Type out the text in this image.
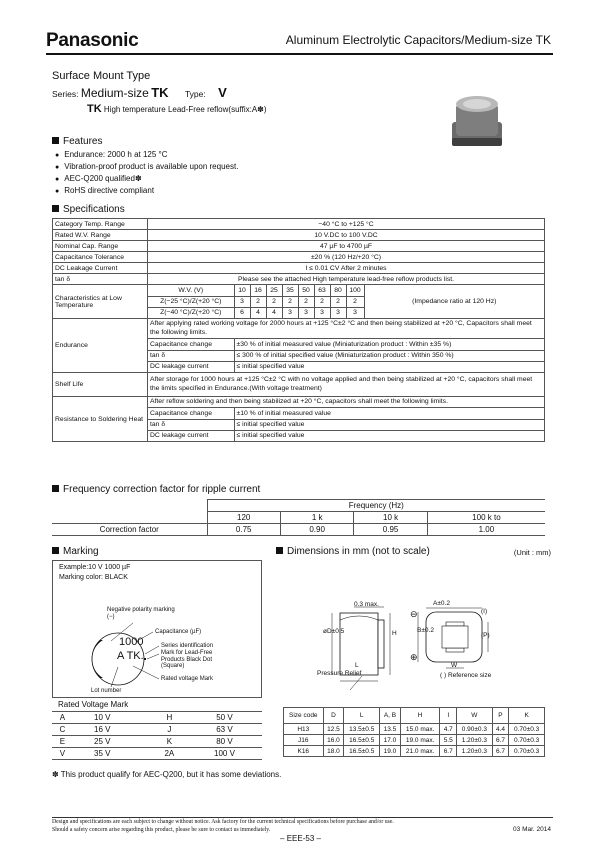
Panasonic	Aluminum Electrolytic Capacitors/Medium-size TK
Surface Mount Type
Series: Medium-size TK Type: V
TK High temperature Lead-Free reflow(suffix:A✽)
Features
● Endurance: 2000 h at 125 °C
● Vibration-proof product is available upon request.
● AEC-Q200 qualified✽
● RoHS directive compliant
Specifications
Category Temp. Range	−40 °C to +125 °C
Rated W.V. Range	10 V.DC to 100 V.DC
Nominal Cap. Range	47 µF to 4700 µF
Capacitance Tolerance	±20 % (120 Hz/+20 °C)
DC Leakage Current	I ≤ 0.01 CV After 2 minutes
tan δ	Please see the attached High temperature lead-free reflow products list.
Characteristics at Low Temperature	
W.V. (V)	10	16	25	35	50	63	80	100	(Impedance ratio at 120 Hz)
Z(−25 °C)/Z(+20 °C)	3	2	2	2	2	2	2	2
Z(−40 °C)/Z(+20 °C)	6	4	4	3	3	3	3	3

Endurance	
After applying rated working voltage for 2000 hours at +125 °C±2 °C and then being stabilized at +20 °C, Capacitors shall meet the following limits.
Capacitance change	±30 % of initial measured value (Miniaturization product : Within ±35 %)
tan δ	≤ 300 % of initial specified value (Miniaturization product : Within 350 %)
DC leakage current	≤ initial specified value

Shelf Life	After storage for 1000 hours at +125 °C±2 °C with no voltage applied and then being stabilized at +20 °C, capacitors shall meet the limits specified in Endurance.(With voltage treatment)
Resistance to Soldering Heat	
After reflow soldering and then being stabilized at +20 °C, capacitors shall meet the following limits.
Capacitance change	±10 % of initial measured value
tan δ	≤ initial specified value
DC leakage current	≤ initial specified value
Frequency correction factor for ripple current
	Frequency (Hz)			
	120	1 k	10 k	100 k to
Correction factor	0.75	0.90	0.95	1.00
Marking
Example:10 V 1000 µF
Marking color: BLACK
Negative polarity marking (−)
Capacitance (µF)
Series identification
Mark for Lead-Free Products Black Dot (Square)
Rated voltage Mark
Lot number
1000
A TK.
Rated Voltage Mark
A	10 V		H	50 V
C	16 V		J	63 V
E	25 V		K	80 V
V	35 V		2A	100 V
Dimensions in mm (not to scale)	(Unit : mm)
0.3 max.	A±0.2
B±0.2
H
øD±0.5
L
Pressure Relief
⊖
⊕
(I)
(P)
W
( ) Reference size
Size code	D	L	A, B	H	I	W	P	K
H13	12.5	13.5±0.5	13.5	15.0 max.	4.7	0.90±0.3	4.4	0.70±0.3
J16	16.0	16.5±0.5	17.0	19.0 max.	5.5	1.20±0.3	6.7	0.70±0.3
K16	18.0	16.5±0.5	19.0	21.0 max.	6.7	1.20±0.3	6.7	0.70±0.3
✽ This product qualify for AEC-Q200, but it has some deviations.
Design and specifications are each subject to change without notice. Ask factory for the current technical specifications before purchase and/or use.
Should a safety concern arise regarding this product, please be sure to contact us immediately.	03 Mar. 2014
– EEE-53 –
